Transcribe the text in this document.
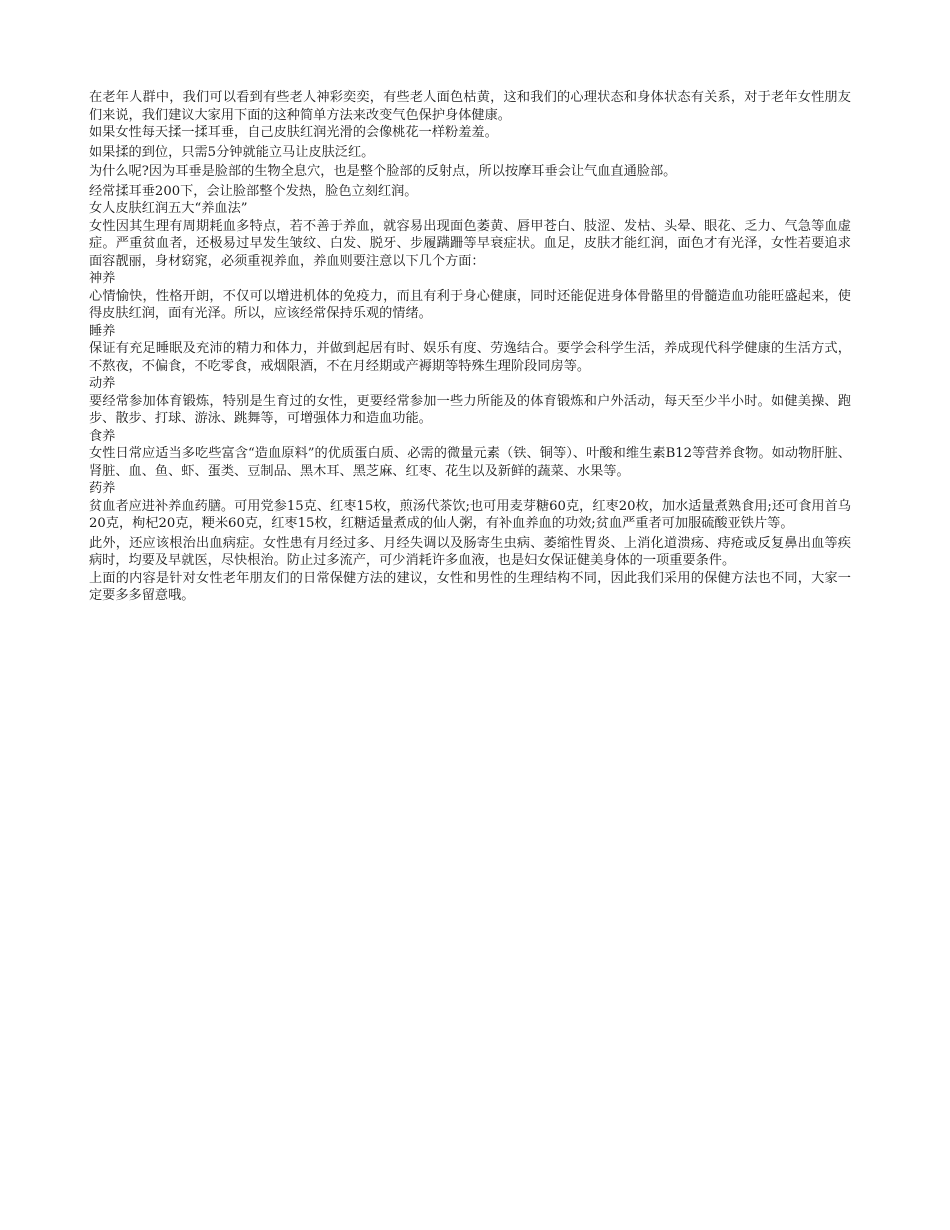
在老年人群中，我们可以看到有些老人神彩奕奕，有些老人面色枯黄，这和我们的心理状态和身体状态有关系，对于老年女性朋友们来说，我们建议大家用下面的这种简单方法来改变气色保护身体健康。

如果女性每天揉一揉耳垂，自己皮肤红润光滑的会像桃花一样粉羞羞。

如果揉的到位，只需5分钟就能立马让皮肤泛红。

为什么呢?因为耳垂是脸部的生物全息穴，也是整个脸部的反射点，所以按摩耳垂会让气血直通脸部。

经常揉耳垂200下，会让脸部整个发热，脸色立刻红润。

女人皮肤红润五大“养血法”

女性因其生理有周期耗血多特点，若不善于养血，就容易出现面色萎黄、唇甲苍白、肢涩、发枯、头晕、眼花、乏力、气急等血虚症。严重贫血者，还极易过早发生皱纹、白发、脱牙、步履蹒跚等早衰症状。血足，皮肤才能红润，面色才有光泽，女性若要追求面容靓丽，身材窈窕，必须重视养血，养血则要注意以下几个方面：

神养

心情愉快，性格开朗，不仅可以增进机体的免疫力，而且有利于身心健康，同时还能促进身体骨骼里的骨髓造血功能旺盛起来，使得皮肤红润，面有光泽。所以，应该经常保持乐观的情绪。

睡养

保证有充足睡眠及充沛的精力和体力，并做到起居有时、娱乐有度、劳逸结合。要学会科学生活，养成现代科学健康的生活方式，不熬夜，不偏食，不吃零食，戒烟限酒，不在月经期或产褥期等特殊生理阶段同房等。

动养

要经常参加体育锻炼，特别是生育过的女性，更要经常参加一些力所能及的体育锻炼和户外活动，每天至少半小时。如健美操、跑步、散步、打球、游泳、跳舞等，可增强体力和造血功能。

食养

女性日常应适当多吃些富含“造血原料”的优质蛋白质、必需的微量元素（铁、铜等）、叶酸和维生素B12等营养食物。如动物肝脏、肾脏、血、鱼、虾、蛋类、豆制品、黑木耳、黑芝麻、红枣、花生以及新鲜的蔬菜、水果等。

药养

贫血者应进补养血药膳。可用党参15克、红枣15枚，煎汤代茶饮;也可用麦芽糖60克，红枣20枚，加水适量煮熟食用;还可食用首乌20克，枸杞20克，粳米60克，红枣15枚，红糖适量煮成的仙人粥，有补血养血的功效;贫血严重者可加服硫酸亚铁片等。

此外，还应该根治出血病症。女性患有月经过多、月经失调以及肠寄生虫病、萎缩性胃炎、上消化道溃疡、痔疮或反复鼻出血等疾病时，均要及早就医，尽快根治。防止过多流产，可少消耗许多血液，也是妇女保证健美身体的一项重要条件。

上面的内容是针对女性老年朋友们的日常保健方法的建议，女性和男性的生理结构不同，因此我们采用的保健方法也不同，大家一定要多多留意哦。
